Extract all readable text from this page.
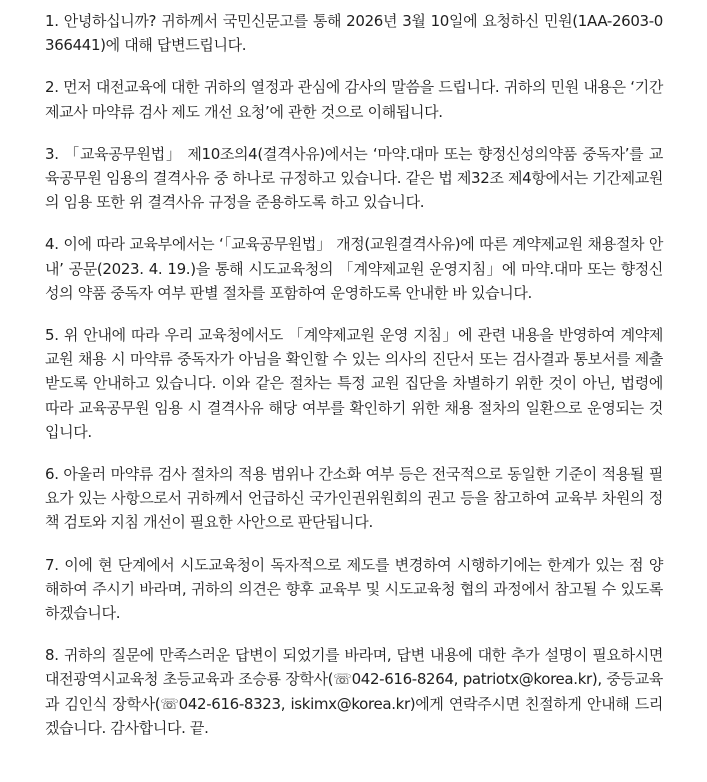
1. 안녕하십니까? 귀하께서 국민신문고를 통해 2026년 3월 10일에 요청하신 민원(1AA-2603-0366441)에 대해 답변드립니다.

2. 먼저 대전교육에 대한 귀하의 열정과 관심에 감사의 말씀을 드립니다. 귀하의 민원 내용은 ‘기간제교사 마약류 검사 제도 개선 요청’에 관한 것으로 이해됩니다.

3. 「교육공무원법」 제10조의4(결격사유)에서는 ‘마약.대마 또는 향정신성의약품 중독자’를 교육공무원 임용의 결격사유 중 하나로 규정하고 있습니다. 같은 법 제32조 제4항에서는 기간제교원의 임용 또한 위 결격사유 규정을 준용하도록 하고 있습니다.

4. 이에 따라 교육부에서는 ‘「교육공무원법」 개정(교원결격사유)에 따른 계약제교원 채용절차 안내’ 공문(2023. 4. 19.)을 통해 시도교육청의 「계약제교원 운영지침」에 마약.대마 또는 향정신성의 약품 중독자 여부 판별 절차를 포함하여 운영하도록 안내한 바 있습니다.

5. 위 안내에 따라 우리 교육청에서도 「계약제교원 운영 지침」에 관련 내용을 반영하여 계약제교원 채용 시 마약류 중독자가 아님을 확인할 수 있는 의사의 진단서 또는 검사결과 통보서를 제출받도록 안내하고 있습니다. 이와 같은 절차는 특정 교원 집단을 차별하기 위한 것이 아닌, 법령에 따라 교육공무원 임용 시 결격사유 해당 여부를 확인하기 위한 채용 절차의 일환으로 운영되는 것입니다.

6. 아울러 마약류 검사 절차의 적용 범위나 간소화 여부 등은 전국적으로 동일한 기준이 적용될 필요가 있는 사항으로서 귀하께서 언급하신 국가인권위원회의 권고 등을 참고하여 교육부 차원의 정책 검토와 지침 개선이 필요한 사안으로 판단됩니다.

7. 이에 현 단계에서 시도교육청이 독자적으로 제도를 변경하여 시행하기에는 한계가 있는 점 양해하여 주시기 바라며, 귀하의 의견은 향후 교육부 및 시도교육청 협의 과정에서 참고될 수 있도록 하겠습니다.

8. 귀하의 질문에 만족스러운 답변이 되었기를 바라며, 답변 내용에 대한 추가 설명이 필요하시면 대전광역시교육청 초등교육과 조승룡 장학사(☏042-616-8264, patriotx@korea.kr), 중등교육과 김인식 장학사(☏042-616-8323, iskimx@korea.kr)에게 연락주시면 친절하게 안내해 드리겠습니다. 감사합니다. 끝.
